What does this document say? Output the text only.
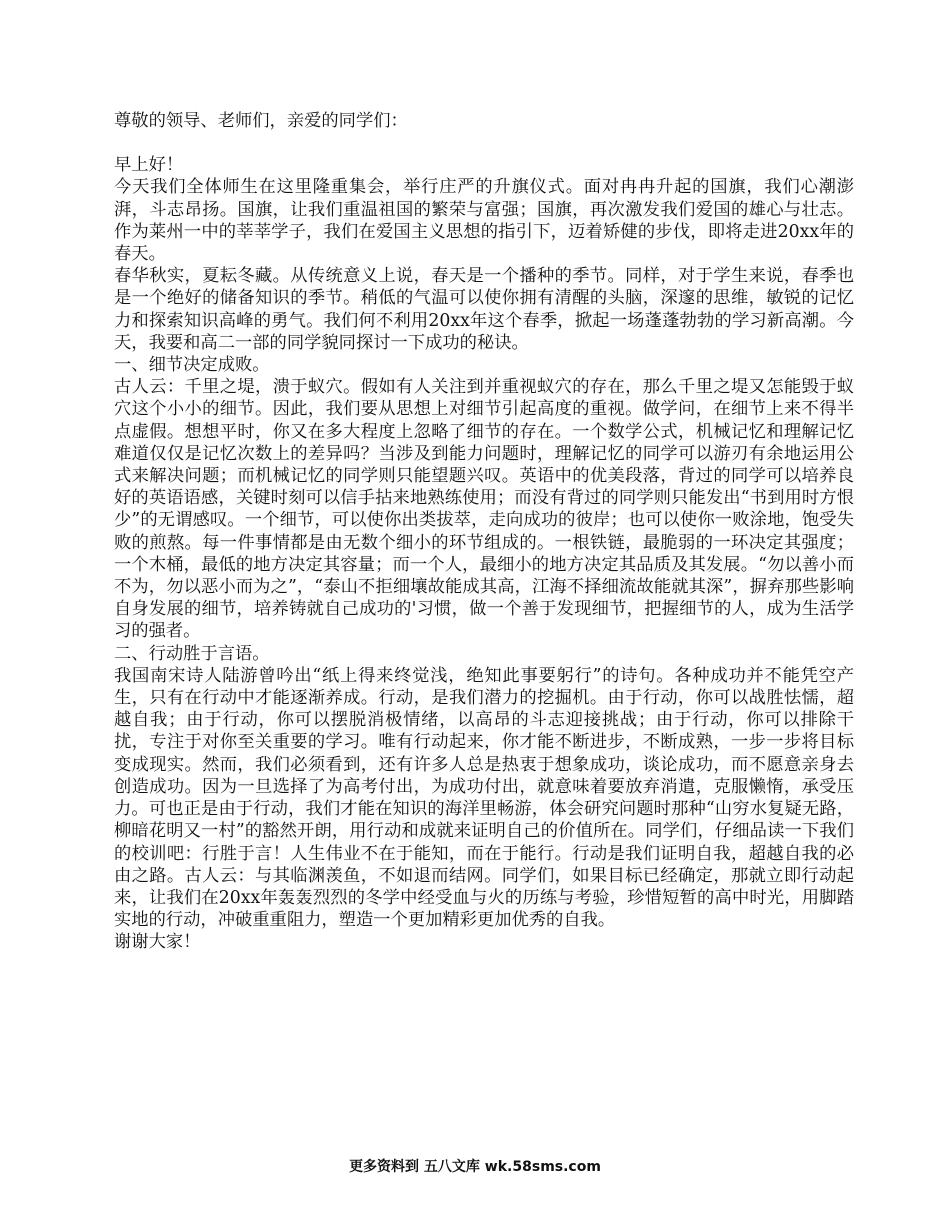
尊敬的领导、老师们，亲爱的同学们：

早上好！

今天我们全体师生在这里隆重集会，举行庄严的升旗仪式。面对冉冉升起的国旗，我们心潮澎湃，斗志昂扬。国旗，让我们重温祖国的繁荣与富强；国旗，再次激发我们爱国的雄心与壮志。作为莱州一中的莘莘学子，我们在爱国主义思想的指引下，迈着矫健的步伐，即将走进20xx年的春天。

春华秋实，夏耘冬藏。从传统意义上说，春天是一个播种的季节。同样，对于学生来说，春季也是一个绝好的储备知识的季节。稍低的气温可以使你拥有清醒的头脑，深邃的思维，敏锐的记忆力和探索知识高峰的勇气。我们何不利用20xx年这个春季，掀起一场蓬蓬勃勃的学习新高潮。今天，我要和高二一部的同学貌同探讨一下成功的秘诀。

一、细节决定成败。

古人云：千里之堤，溃于蚁穴。假如有人关注到并重视蚁穴的存在，那么千里之堤又怎能毁于蚁穴这个小小的细节。因此，我们要从思想上对细节引起高度的重视。做学问，在细节上来不得半点虚假。想想平时，你又在多大程度上忽略了细节的存在。一个数学公式，机械记忆和理解记忆难道仅仅是记忆次数上的差异吗？当涉及到能力问题时，理解记忆的同学可以游刃有余地运用公式来解决问题；而机械记忆的同学则只能望题兴叹。英语中的优美段落，背过的同学可以培养良好的英语语感，关键时刻可以信手拈来地熟练使用；而没有背过的同学则只能发出“书到用时方恨少”的无谓感叹。一个细节，可以使你出类拔萃，走向成功的彼岸；也可以使你一败涂地，饱受失败的煎熬。每一件事情都是由无数个细小的环节组成的。一根铁链，最脆弱的一环决定其强度；一个木桶，最低的地方决定其容量；而一个人，最细小的地方决定其品质及其发展。“勿以善小而不为，勿以恶小而为之”，“泰山不拒细壤故能成其高，江海不择细流故能就其深”，摒弃那些影响自身发展的细节，培养铸就自己成功的'习惯，做一个善于发现细节，把握细节的人，成为生活学习的强者。

二、行动胜于言语。

我国南宋诗人陆游曾吟出“纸上得来终觉浅，绝知此事要躬行”的诗句。各种成功并不能凭空产生，只有在行动中才能逐渐养成。行动，是我们潜力的挖掘机。由于行动，你可以战胜怯懦，超越自我；由于行动，你可以摆脱消极情绪，以高昂的斗志迎接挑战；由于行动，你可以排除干扰，专注于对你至关重要的学习。唯有行动起来，你才能不断进步，不断成熟，一步一步将目标变成现实。然而，我们必须看到，还有许多人总是热衷于想象成功，谈论成功，而不愿意亲身去创造成功。因为一旦选择了为高考付出，为成功付出，就意味着要放弃消遣，克服懒惰，承受压力。可也正是由于行动，我们才能在知识的海洋里畅游，体会研究问题时那种“山穷水复疑无路，柳暗花明又一村”的豁然开朗，用行动和成就来证明自己的价值所在。同学们，仔细品读一下我们的校训吧：行胜于言！人生伟业不在于能知，而在于能行。行动是我们证明自我，超越自我的必由之路。古人云：与其临渊羡鱼，不如退而结网。同学们，如果目标已经确定，那就立即行动起来，让我们在20xx年轰轰烈烈的冬学中经受血与火的历练与考验，珍惜短暂的高中时光，用脚踏实地的行动，冲破重重阻力，塑造一个更加精彩更加优秀的自我。

谢谢大家！

更多资料到 五八文库 wk.58sms.com
